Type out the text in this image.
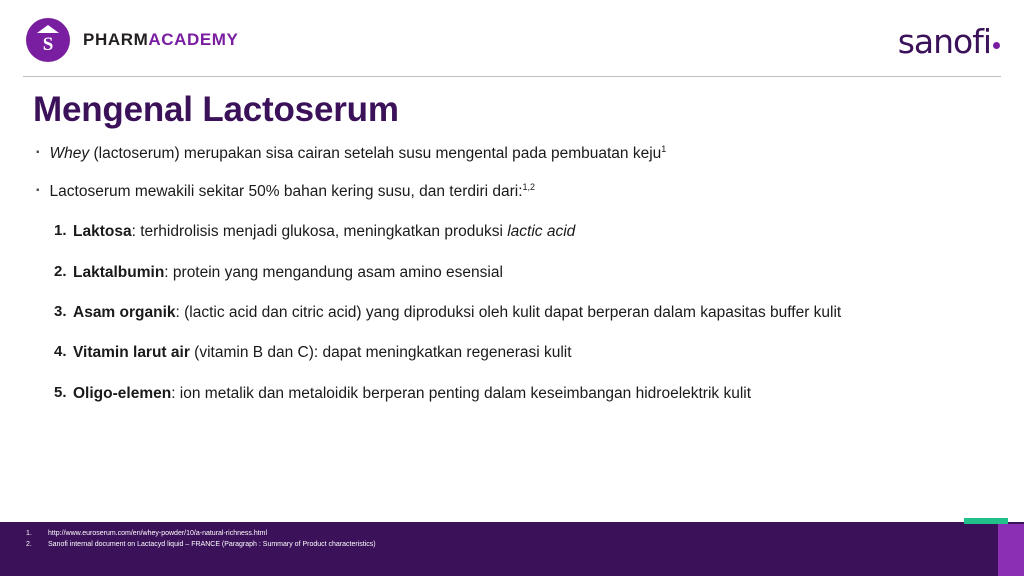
S PHARMACADEMY	sanofi
Mengenal Lactoserum
▪ Whey (lactoserum) merupakan sisa cairan setelah susu mengental pada pembuatan keju$^1$
▪ Lactoserum mewakili sekitar 50% bahan kering susu, dan terdiri dari:$^{1,2}$
1. Laktosa: terhidrolisis menjadi glukosa, meningkatkan produksi lactic acid
2. Laktalbumin: protein yang mengandung asam amino esensial
3. Asam organik: (lactic acid dan citric acid) yang diproduksi oleh kulit dapat berperan dalam kapasitas buffer kulit
4. Vitamin larut air (vitamin B dan C): dapat meningkatkan regenerasi kulit
5. Oligo-elemen: ion metalik dan metaloidik berperan penting dalam keseimbangan hidroelektrik kulit
1.	http://www.euroserum.com/en/whey-powder/10/a-natural-richness.html
2.	Sanofi internal document on Lactacyd liquid – FRANCE (Paragraph : Summary of Product characteristics)
